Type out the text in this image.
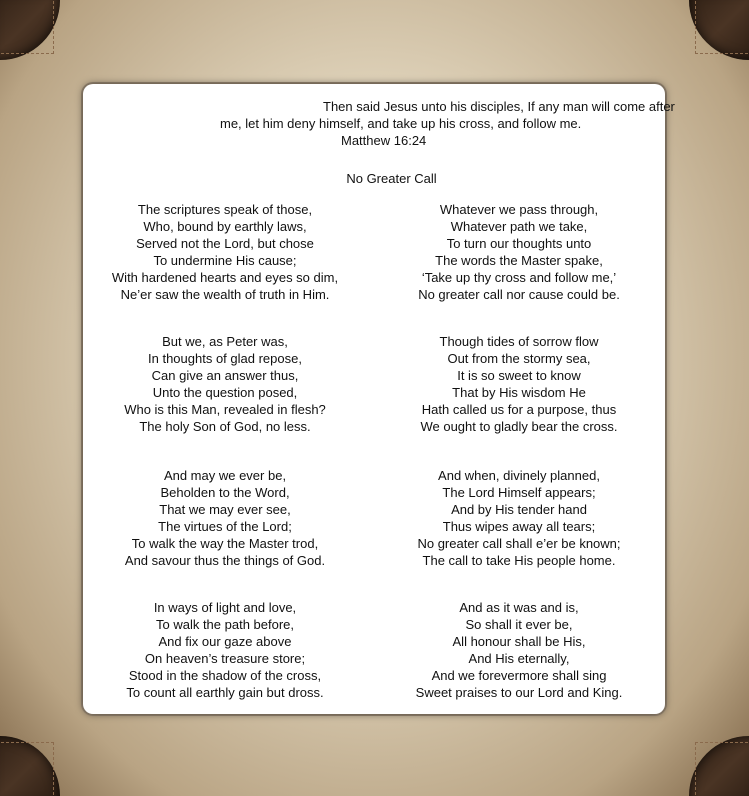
Then said Jesus unto his disciples, If any man will come after
me, let him deny himself, and take up his cross, and follow me.
Matthew 16:24
No Greater Call
The scriptures speak of those,
Who, bound by earthly laws,
Served not the Lord, but chose
To undermine His cause;
With hardened hearts and eyes so dim,
Ne’er saw the wealth of truth in Him.
But we, as Peter was,
In thoughts of glad repose,
Can give an answer thus,
Unto the question posed,
Who is this Man, revealed in flesh?
The holy Son of God, no less.
And may we ever be,
Beholden to the Word,
That we may ever see,
The virtues of the Lord;
To walk the way the Master trod,
And savour thus the things of God.
In ways of light and love,
To walk the path before,
And fix our gaze above
On heaven’s treasure store;
Stood in the shadow of the cross,
To count all earthly gain but dross.
Whatever we pass through,
Whatever path we take,
To turn our thoughts unto
The words the Master spake,
‘Take up thy cross and follow me,’
No greater call nor cause could be.
Though tides of sorrow flow
Out from the stormy sea,
It is so sweet to know
That by His wisdom He
Hath called us for a purpose, thus
We ought to gladly bear the cross.
And when, divinely planned,
The Lord Himself appears;
And by His tender hand
Thus wipes away all tears;
No greater call shall e’er be known;
The call to take His people home.
And as it was and is,
So shall it ever be,
All honour shall be His,
And His eternally,
And we forevermore shall sing
Sweet praises to our Lord and King.
